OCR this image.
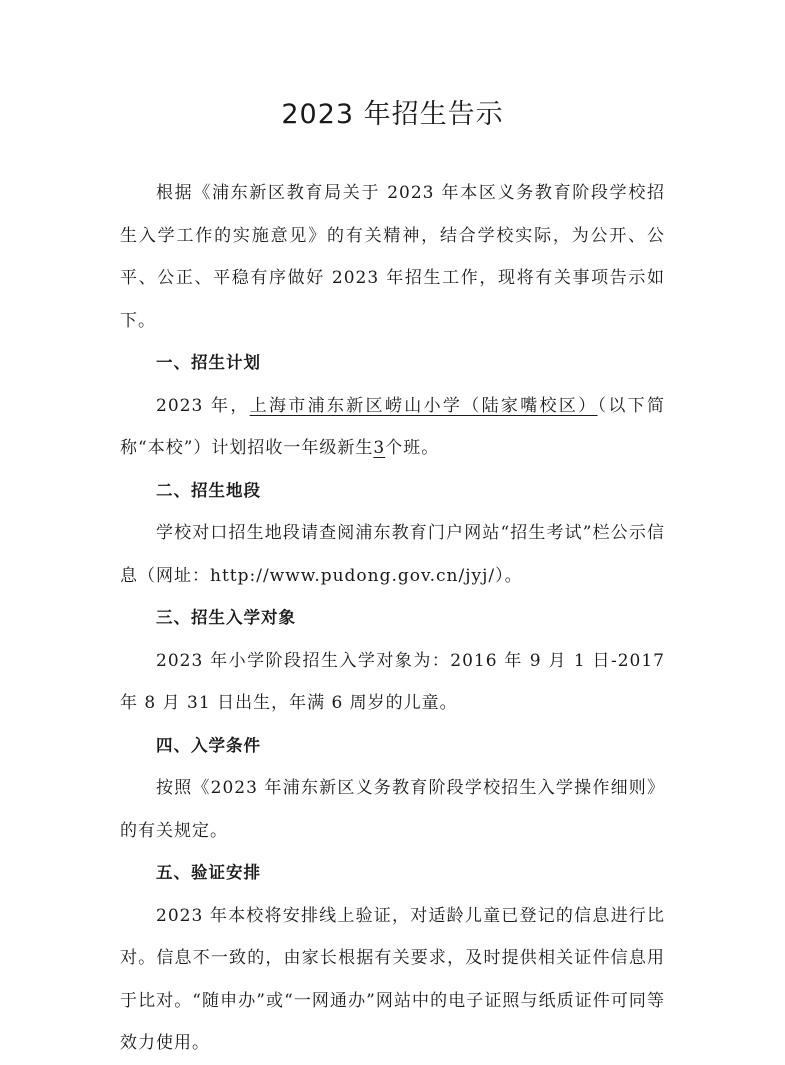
2023 年招生告示

根据《浦东新区教育局关于 2023 年本区义务教育阶段学校招生入学工作的实施意见》的有关精神，结合学校实际，为公开、公平、公正、平稳有序做好 2023 年招生工作，现将有关事项告示如下。

一、招生计划

2023 年，上海市浦东新区崂山小学（陆家嘴校区）（以下简称“本校”）计划招收一年级新生3个班。

二、招生地段

学校对口招生地段请查阅浦东教育门户网站“招生考试”栏公示信息（网址：http://www.pudong.gov.cn/jyj/）。

三、招生入学对象

2023 年小学阶段招生入学对象为：2016 年 9 月 1 日-2017 年 8 月 31 日出生，年满 6 周岁的儿童。

四、入学条件

按照《2023 年浦东新区义务教育阶段学校招生入学操作细则》的有关规定。

五、验证安排

2023 年本校将安排线上验证，对适龄儿童已登记的信息进行比对。信息不一致的，由家长根据有关要求，及时提供相关证件信息用于比对。“随申办”或“一网通办”网站中的电子证照与纸质证件可同等效力使用。
